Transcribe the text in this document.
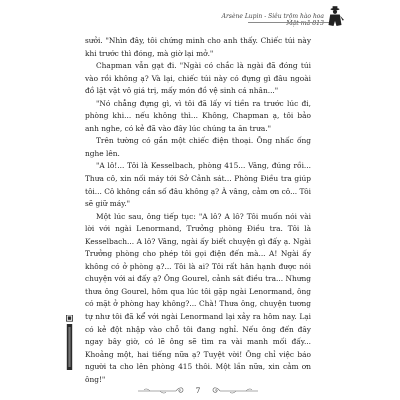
Arsène Lupin - Siêu trộm hào hoa
Mật mã 813

sưởi. "Nhìn đây, tôi chứng minh cho anh thấy. Chiếc túi này khi trước thì đóng, mà giờ lại mở."

Chapman vẫn gạt đi. "Ngài có chắc là ngài đã đóng túi vào rồi không ạ? Và lại, chiếc túi này có đựng gì đâu ngoài đồ lặt vặt vô giá trị, mấy món đồ vệ sinh cá nhân..."

"Nó chẳng đựng gì, vì tôi đã lấy ví tiền ra trước lúc đi, phòng khi... nếu không thì... Không, Chapman ạ, tôi bảo anh nghe, có kẻ đã vào đây lúc chúng ta ăn trưa."

Trên tường có gắn một chiếc điện thoại. Ông nhấc ống nghe lên.

"A lô!... Tôi là Kesselbach, phòng 415... Vâng, đúng rồi... Thưa cô, xin nối máy tới Sở Cảnh sát... Phòng Điều tra giúp tôi... Cô không cần số đâu không ạ? À vâng, cảm ơn cô... Tôi sẽ giữ máy."

Một lúc sau, ông tiếp tục: "A lô? A lô? Tôi muốn nói vài lời với ngài Lenormand, Trưởng phòng Điều tra. Tôi là Kesselbach... A lô? Vâng, ngài ấy biết chuyện gì đấy ạ. Ngài Trưởng phòng cho phép tôi gọi điện đến mà... A! Ngài ấy không có ở phòng ạ?... Tôi là ai? Tôi rất hân hạnh được nói chuyện với ai đấy ạ? Ông Gourel, cảnh sát điều tra... Nhưng thưa ông Gourel, hôm qua lúc tôi gặp ngài Lenormand, ông có mặt ở phòng hay không?... Chà! Thưa ông, chuyện tương tự như tôi đã kể với ngài Lenormand lại xảy ra hôm nay. Lại có kẻ đột nhập vào chỗ tôi đang nghỉ. Nếu ông đến đây ngay bây giờ, có lẽ ông sẽ tìm ra vài manh mối đấy... Khoảng một, hai tiếng nữa ạ? Tuyệt vời! Ông chỉ việc báo người ta cho lên phòng 415 thôi. Một lần nữa, xin cảm ơn ông!"

7
